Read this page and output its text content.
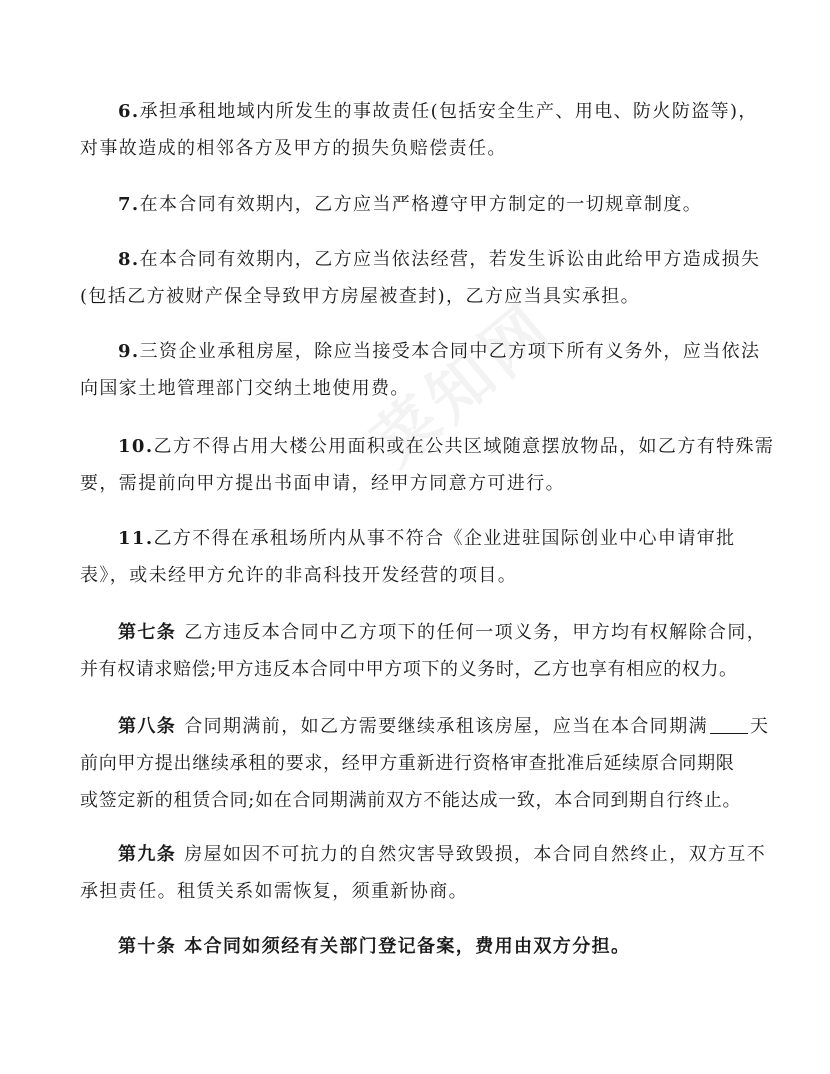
6.承担承租地域内所发生的事故责任(包括安全生产、用电、防火防盗等)，
对事故造成的相邻各方及甲方的损失负赔偿责任。
7.在本合同有效期内，乙方应当严格遵守甲方制定的一切规章制度。
8.在本合同有效期内，乙方应当依法经营，若发生诉讼由此给甲方造成损失
(包括乙方被财产保全导致甲方房屋被查封)，乙方应当具实承担。
9.三资企业承租房屋，除应当接受本合同中乙方项下所有义务外，应当依法
向国家土地管理部门交纳土地使用费。
10.乙方不得占用大楼公用面积或在公共区域随意摆放物品，如乙方有特殊需
要，需提前向甲方提出书面申请，经甲方同意方可进行。
11.乙方不得在承租场所内从事不符合《企业进驻国际创业中心申请审批
表》，或未经甲方允许的非高科技开发经营的项目。
第七条 乙方违反本合同中乙方项下的任何一项义务，甲方均有权解除合同，
并有权请求赔偿;甲方违反本合同中甲方项下的义务时，乙方也享有相应的权力。
第八条 合同期满前，如乙方需要继续承租该房屋，应当在本合同期满 天
前向甲方提出继续承租的要求，经甲方重新进行资格审查批准后延续原合同期限
或签定新的租赁合同;如在合同期满前双方不能达成一致，本合同到期自行终止。
第九条 房屋如因不可抗力的自然灾害导致毁损，本合同自然终止，双方互不
承担责任。租赁关系如需恢复，须重新协商。
第十条 本合同如须经有关部门登记备案，费用由双方分担。
